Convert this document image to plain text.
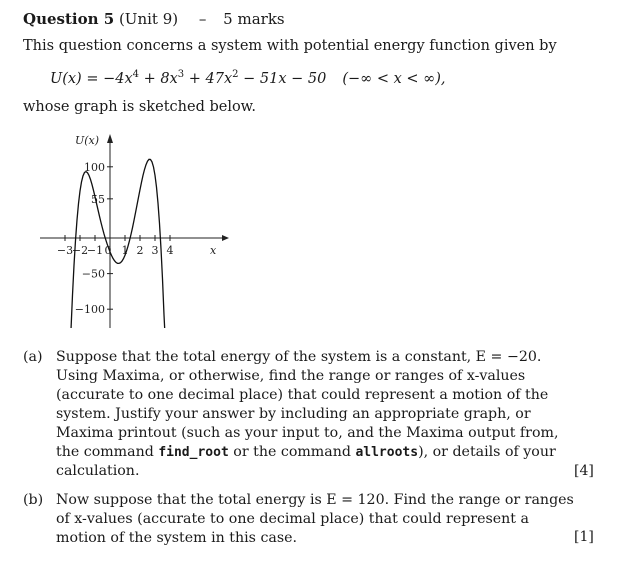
Question 5 (Unit 9) – 5 marks
This question concerns a system with potential energy function given by
$U(x) = -4x^4 + 8x^3 + 47x^2 - 51x - 50$ (−∞ < x < ∞),
whose graph is sketched below.
U(x)
x
−3
−2
−1 0 1 2 3 4
100
55
−50
−100
(a) Suppose that the total energy of the system is a constant, E = −20.
Using Maxima, or otherwise, find the range or ranges of x-values
(accurate to one decimal place) that could represent a motion of the
system. Justify your answer by including an appropriate graph, or
Maxima printout (such as your input to, and the Maxima output from,
the command find_root or the command allroots), or details of your
calculation.	[4]
(b) Now suppose that the total energy is E = 120. Find the range or ranges
of x-values (accurate to one decimal place) that could represent a
motion of the system in this case.	[1]
